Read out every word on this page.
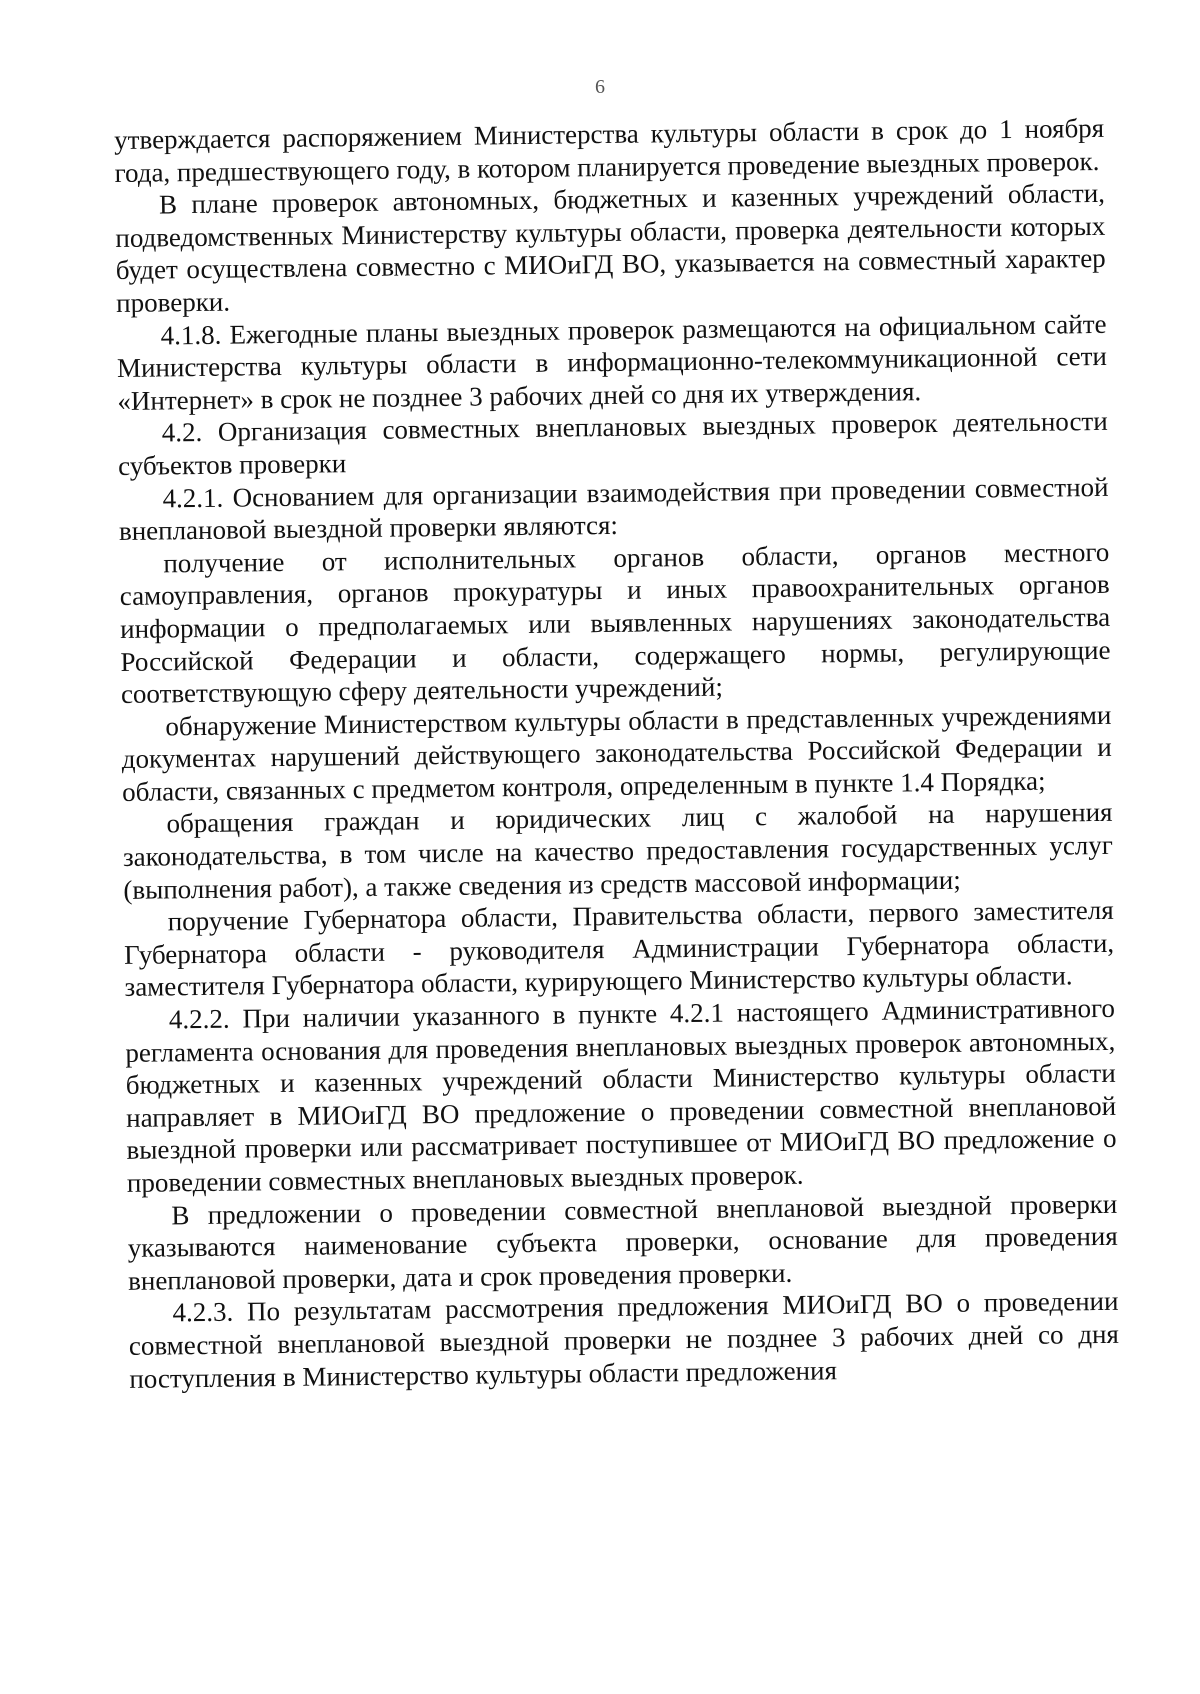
6

утверждается распоряжением Министерства культуры области в срок до 1 ноября года, предшествующего году, в котором планируется проведение выездных проверок.

В плане проверок автономных, бюджетных и казенных учреждений области, подведомственных Министерству культуры области, проверка деятельности которых будет осуществлена совместно с МИОиГД ВО, указывается на совместный характер проверки.

4.1.8. Ежегодные планы выездных проверок размещаются на официальном сайте Министерства культуры области в информационно-телекоммуникационной сети «Интернет» в срок не позднее 3 рабочих дней со дня их утверждения.

4.2. Организация совместных внеплановых выездных проверок деятельности субъектов проверки

4.2.1. Основанием для организации взаимодействия при проведении совместной внеплановой выездной проверки являются:

получение от исполнительных органов области, органов местного самоуправления, органов прокуратуры и иных правоохранительных органов информации о предполагаемых или выявленных нарушениях законодательства Российской Федерации и области, содержащего нормы, регулирующие соответствующую сферу деятельности учреждений;

обнаружение Министерством культуры области в представленных учреждениями документах нарушений действующего законодательства Российской Федерации и области, связанных с предметом контроля, определенным в пункте 1.4 Порядка;

обращения граждан и юридических лиц с жалобой на нарушения законодательства, в том числе на качество предоставления государственных услуг (выполнения работ), а также сведения из средств массовой информации;

поручение Губернатора области, Правительства области, первого заместителя Губернатора области - руководителя Администрации Губернатора области, заместителя Губернатора области, курирующего Министерство культуры области.

4.2.2. При наличии указанного в пункте 4.2.1 настоящего Административного регламента основания для проведения внеплановых выездных проверок автономных, бюджетных и казенных учреждений области Министерство культуры области направляет в МИОиГД ВО предложение о проведении совместной внеплановой выездной проверки или рассматривает поступившее от МИОиГД ВО предложение о проведении совместных внеплановых выездных проверок.

В предложении о проведении совместной внеплановой выездной проверки указываются наименование субъекта проверки, основание для проведения внеплановой проверки, дата и срок проведения проверки.

4.2.3. По результатам рассмотрения предложения МИОиГД ВО о проведении совместной внеплановой выездной проверки не позднее 3 рабочих дней со дня поступления в Министерство культуры области предложения
